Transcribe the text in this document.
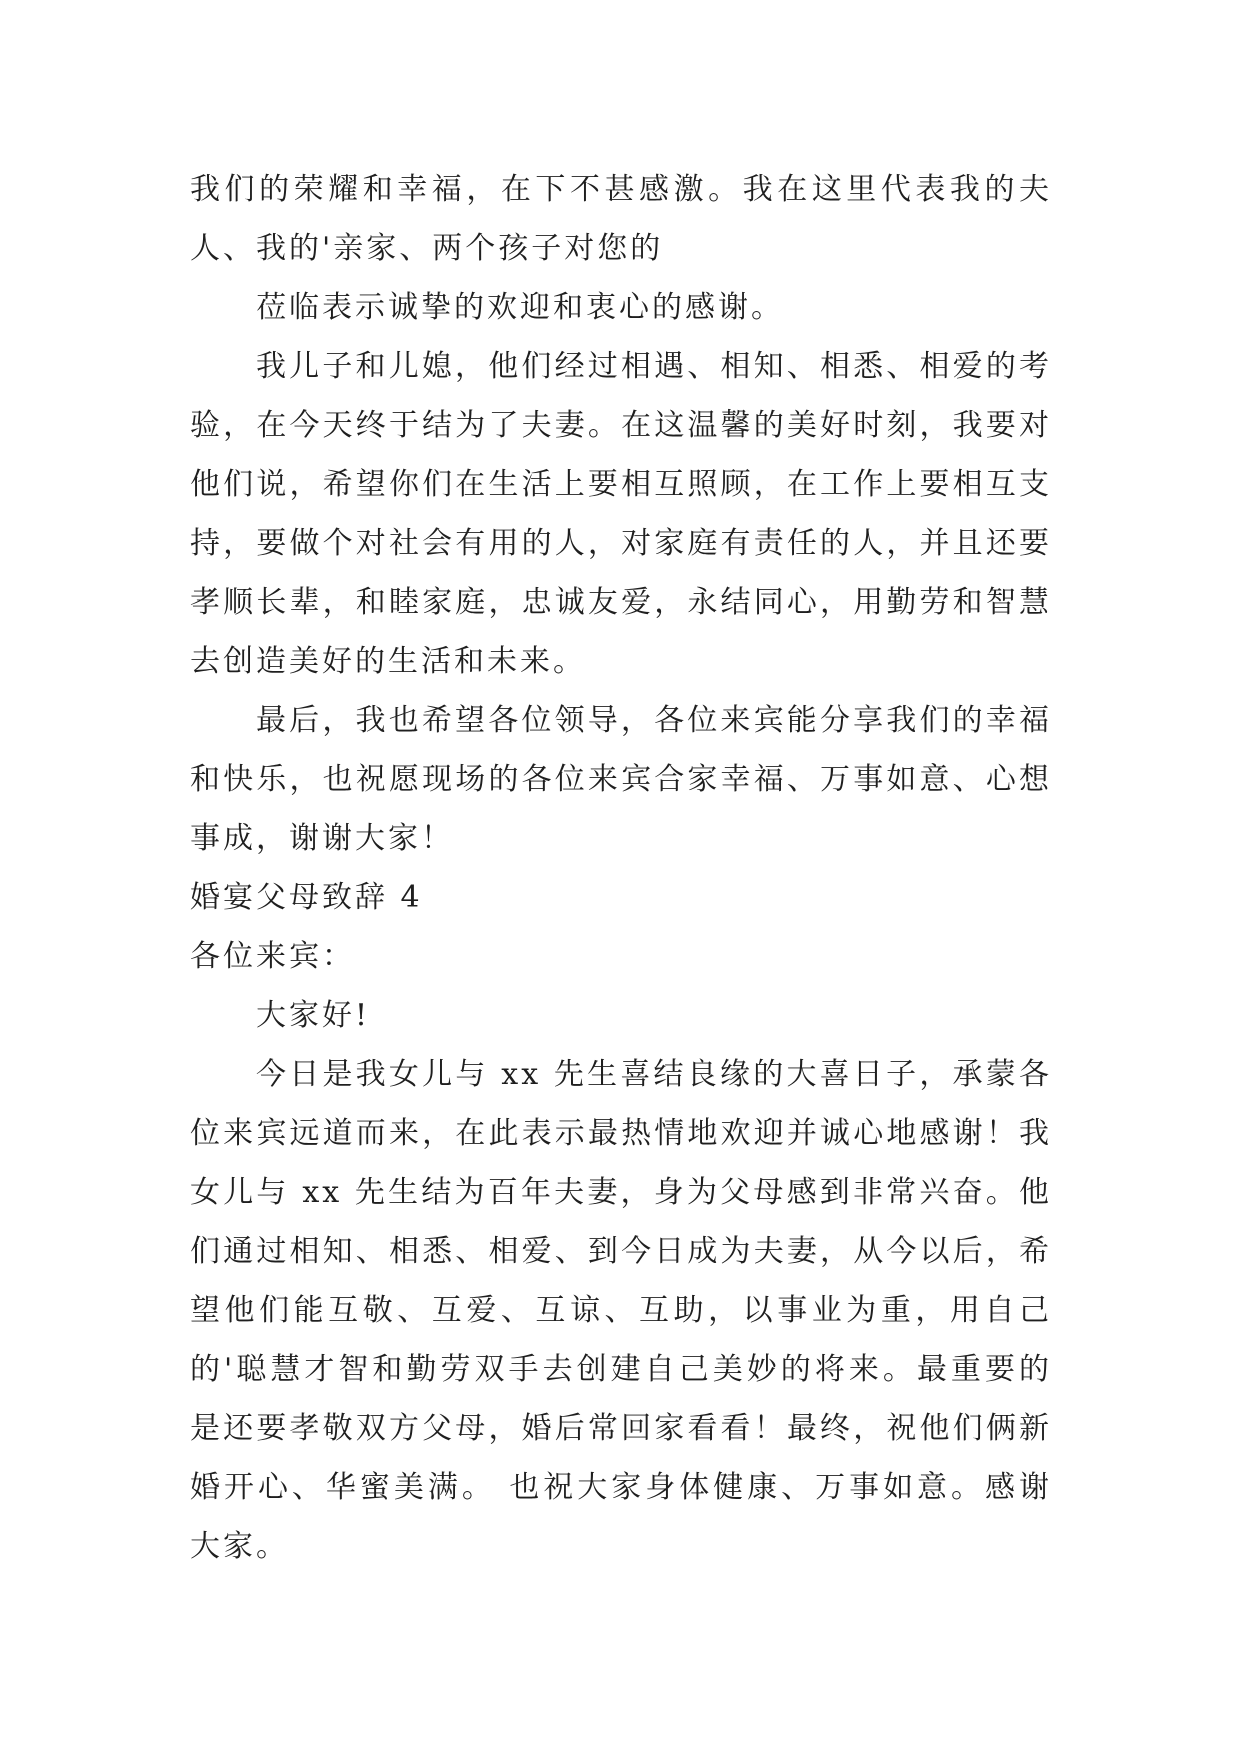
我们的荣耀和幸福，在下不甚感激。我在这里代表我的夫人、我的'亲家、两个孩子对您的

莅临表示诚挚的欢迎和衷心的感谢。

我儿子和儿媳，他们经过相遇、相知、相悉、相爱的考验，在今天终于结为了夫妻。在这温馨的美好时刻，我要对他们说，希望你们在生活上要相互照顾，在工作上要相互支持，要做个对社会有用的人，对家庭有责任的人，并且还要孝顺长辈，和睦家庭，忠诚友爱，永结同心，用勤劳和智慧去创造美好的生活和未来。

最后，我也希望各位领导，各位来宾能分享我们的幸福和快乐，也祝愿现场的各位来宾合家幸福、万事如意、心想事成，谢谢大家！

婚宴父母致辞 4

各位来宾：

大家好!

今日是我女儿与 xx 先生喜结良缘的大喜日子，承蒙各位来宾远道而来，在此表示最热情地欢迎并诚心地感谢！我女儿与 xx 先生结为百年夫妻，身为父母感到非常兴奋。他们通过相知、相悉、相爱、到今日成为夫妻，从今以后，希望他们能互敬、互爱、互谅、互助，以事业为重，用自己的'聪慧才智和勤劳双手去创建自己美妙的将来。最重要的是还要孝敬双方父母，婚后常回家看看！最终，祝他们俩新婚开心、华蜜美满。 也祝大家身体健康、万事如意。感谢大家。
